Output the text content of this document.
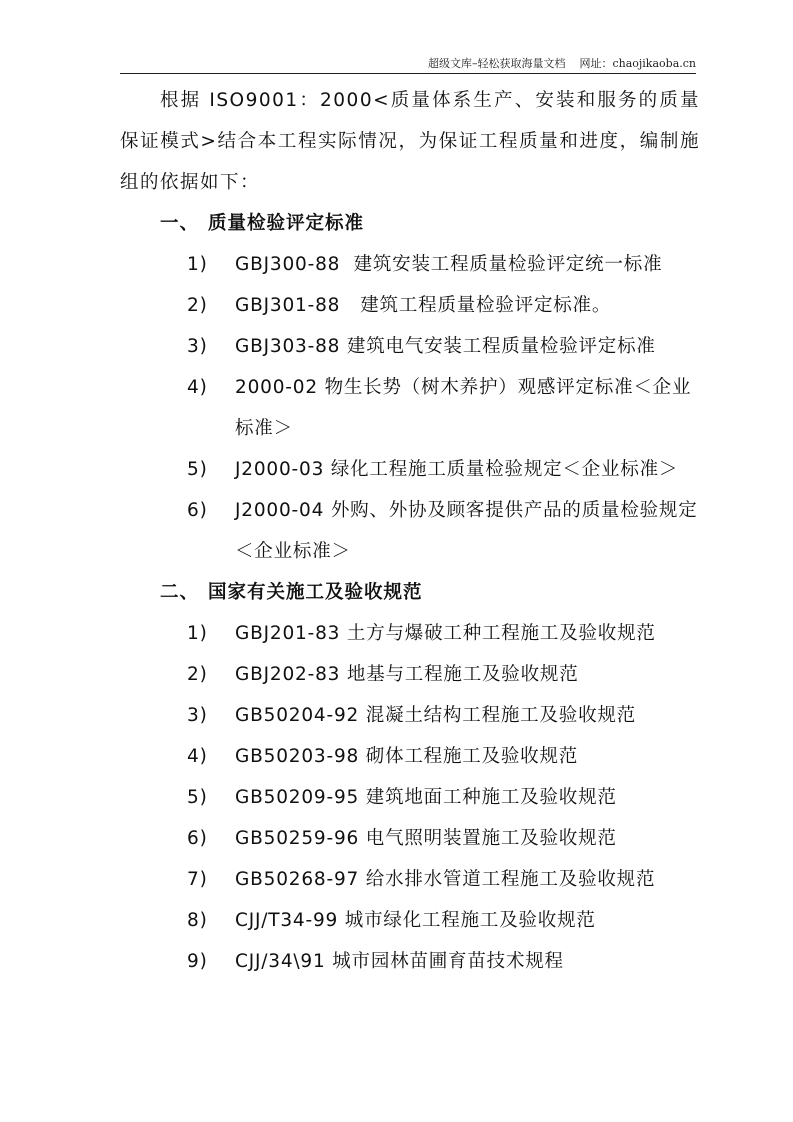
超级文库–轻松获取海量文档 网址：chaojikaoba.cn

根据 ISO9001：2000<质量体系生产、安装和服务的质量保证模式>结合本工程实际情况，为保证工程质量和进度，编制施组的依据如下：

一、 质量检验评定标准

1)	GBJ300-88  建筑安装工程质量检验评定统一标准
2)	GBJ301-88   建筑工程质量检验评定标准。
3)	GBJ303-88 建筑电气安装工程质量检验评定标准
4)	2000-02 物生长势（树木养护）观感评定标准＜企业标准＞
5)	J2000-03 绿化工程施工质量检验规定＜企业标准＞
6)	J2000-04 外购、外协及顾客提供产品的质量检验规定＜企业标准＞

二、 国家有关施工及验收规范

1)	GBJ201-83 土方与爆破工种工程施工及验收规范
2)	GBJ202-83 地基与工程施工及验收规范
3)	GB50204-92 混凝土结构工程施工及验收规范
4)	GB50203-98 砌体工程施工及验收规范
5)	GB50209-95 建筑地面工种施工及验收规范
6)	GB50259-96 电气照明装置施工及验收规范
7)	GB50268-97 给水排水管道工程施工及验收规范
8)	CJJ/T34-99 城市绿化工程施工及验收规范
9)	CJJ/34\91 城市园林苗圃育苗技术规程
